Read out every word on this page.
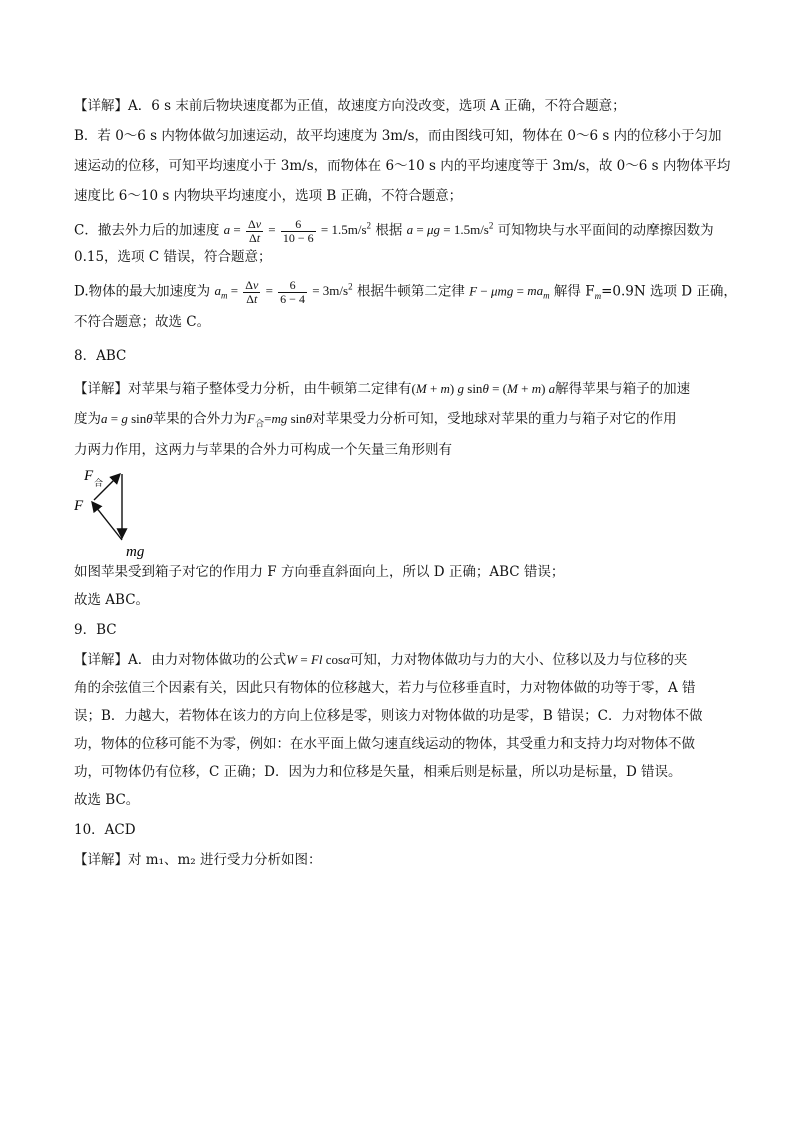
【详解】A．6 s 末前后物块速度都为正值，故速度方向没改变，选项 A 正确，不符合题意；
B．若 0～6 s 内物体做匀加速运动，故平均速度为 3m/s，而由图线可知，物体在 0～6 s 内的位移小于匀加
速运动的位移，可知平均速度小于 3m/s，而物体在 6～10 s 内的平均速度等于 3m/s，故 0～6 s 内物体平均
速度比 6～10 s 内物块平均速度小，选项 B 正确，不符合题意；
C．撤去外力后的加速度 $a = \frac{\Delta v}{\Delta t} = \frac{6}{10 - 6} = 1.5m/s^2$ 根据 $a = \mu g = 1.5m/s^2$ 可知物块与水平面间的动摩擦因数为
0.15，选项 C 错误，符合题意；
D.物体的最大加速度为 $a_m = \frac{\Delta v}{\Delta t} = \frac{6}{6 - 4} = 3m/s^2$ 根据牛顿第二定律 $F - \mu mg = ma_m$ 解得 $F_m=0.9N$ 选项 D 正确，
不符合题意；故选 C。
8．ABC
【详解】对苹果与箱子整体受力分析，由牛顿第二定律有(M + m) g sinθ = (M + m) a解得苹果与箱子的加速
度为a = g sinθ苹果的合外力为$F_合=mg$ sinθ对苹果受力分析可知，受地球对苹果的重力与箱子对它的作用
力两力作用，这两力与苹果的合外力可构成一个矢量三角形则有
F 合
F
mg
如图苹果受到箱子对它的作用力 F 方向垂直斜面向上，所以 D 正确；ABC 错误；
故选 ABC。
9．BC
【详解】A．由力对物体做功的公式W = Fl cosα可知，力对物体做功与力的大小、位移以及力与位移的夹
角的余弦值三个因素有关，因此只有物体的位移越大，若力与位移垂直时，力对物体做的功等于零，A 错
误；B．力越大，若物体在该力的方向上位移是零，则该力对物体做的功是零，B 错误；C．力对物体不做
功，物体的位移可能不为零，例如：在水平面上做匀速直线运动的物体，其受重力和支持力均对物体不做
功，可物体仍有位移，C 正确；D．因为力和位移是矢量，相乘后则是标量，所以功是标量，D 错误。
故选 BC。
10．ACD
【详解】对 m₁、m₂ 进行受力分析如图：
